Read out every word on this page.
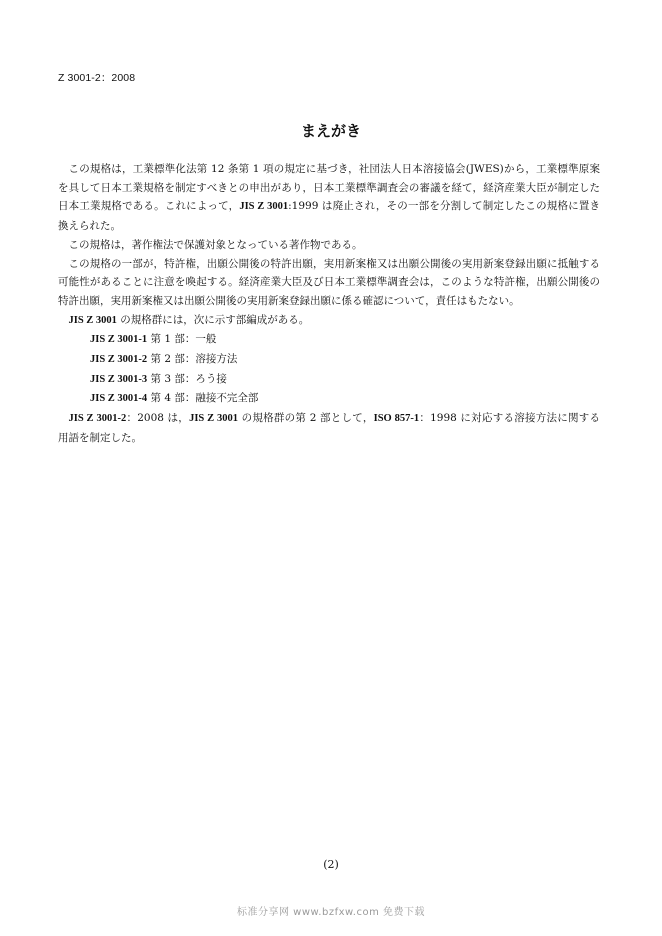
Z 3001-2：2008
まえがき

この規格は，工業標準化法第 12 条第 1 項の規定に基づき，社団法人日本溶接協会(JWES)から，工業標準原案を具して日本工業規格を制定すべきとの申出があり，日本工業標準調査会の審議を経て，経済産業大臣が制定した日本工業規格である。これによって，JIS Z 3001:1999 は廃止され，その一部を分割して制定したこの規格に置き換えられた。

この規格は，著作権法で保護対象となっている著作物である。

この規格の一部が，特許権，出願公開後の特許出願，実用新案権又は出願公開後の実用新案登録出願に抵触する可能性があることに注意を喚起する。経済産業大臣及び日本工業標準調査会は，このような特許権，出願公開後の特許出願，実用新案権又は出願公開後の実用新案登録出願に係る確認について，責任はもたない。

JIS Z 3001 の規格群には，次に示す部編成がある。

JIS Z 3001-1 第 1 部：一般
JIS Z 3001-2 第 2 部：溶接方法
JIS Z 3001-3 第 3 部：ろう接
JIS Z 3001-4 第 4 部：融接不完全部

JIS Z 3001-2：2008 は，JIS Z 3001 の規格群の第 2 部として，ISO 857-1：1998 に対応する溶接方法に関する用語を制定した。

(2)
标准分享网 www.bzfxw.com 免费下载
